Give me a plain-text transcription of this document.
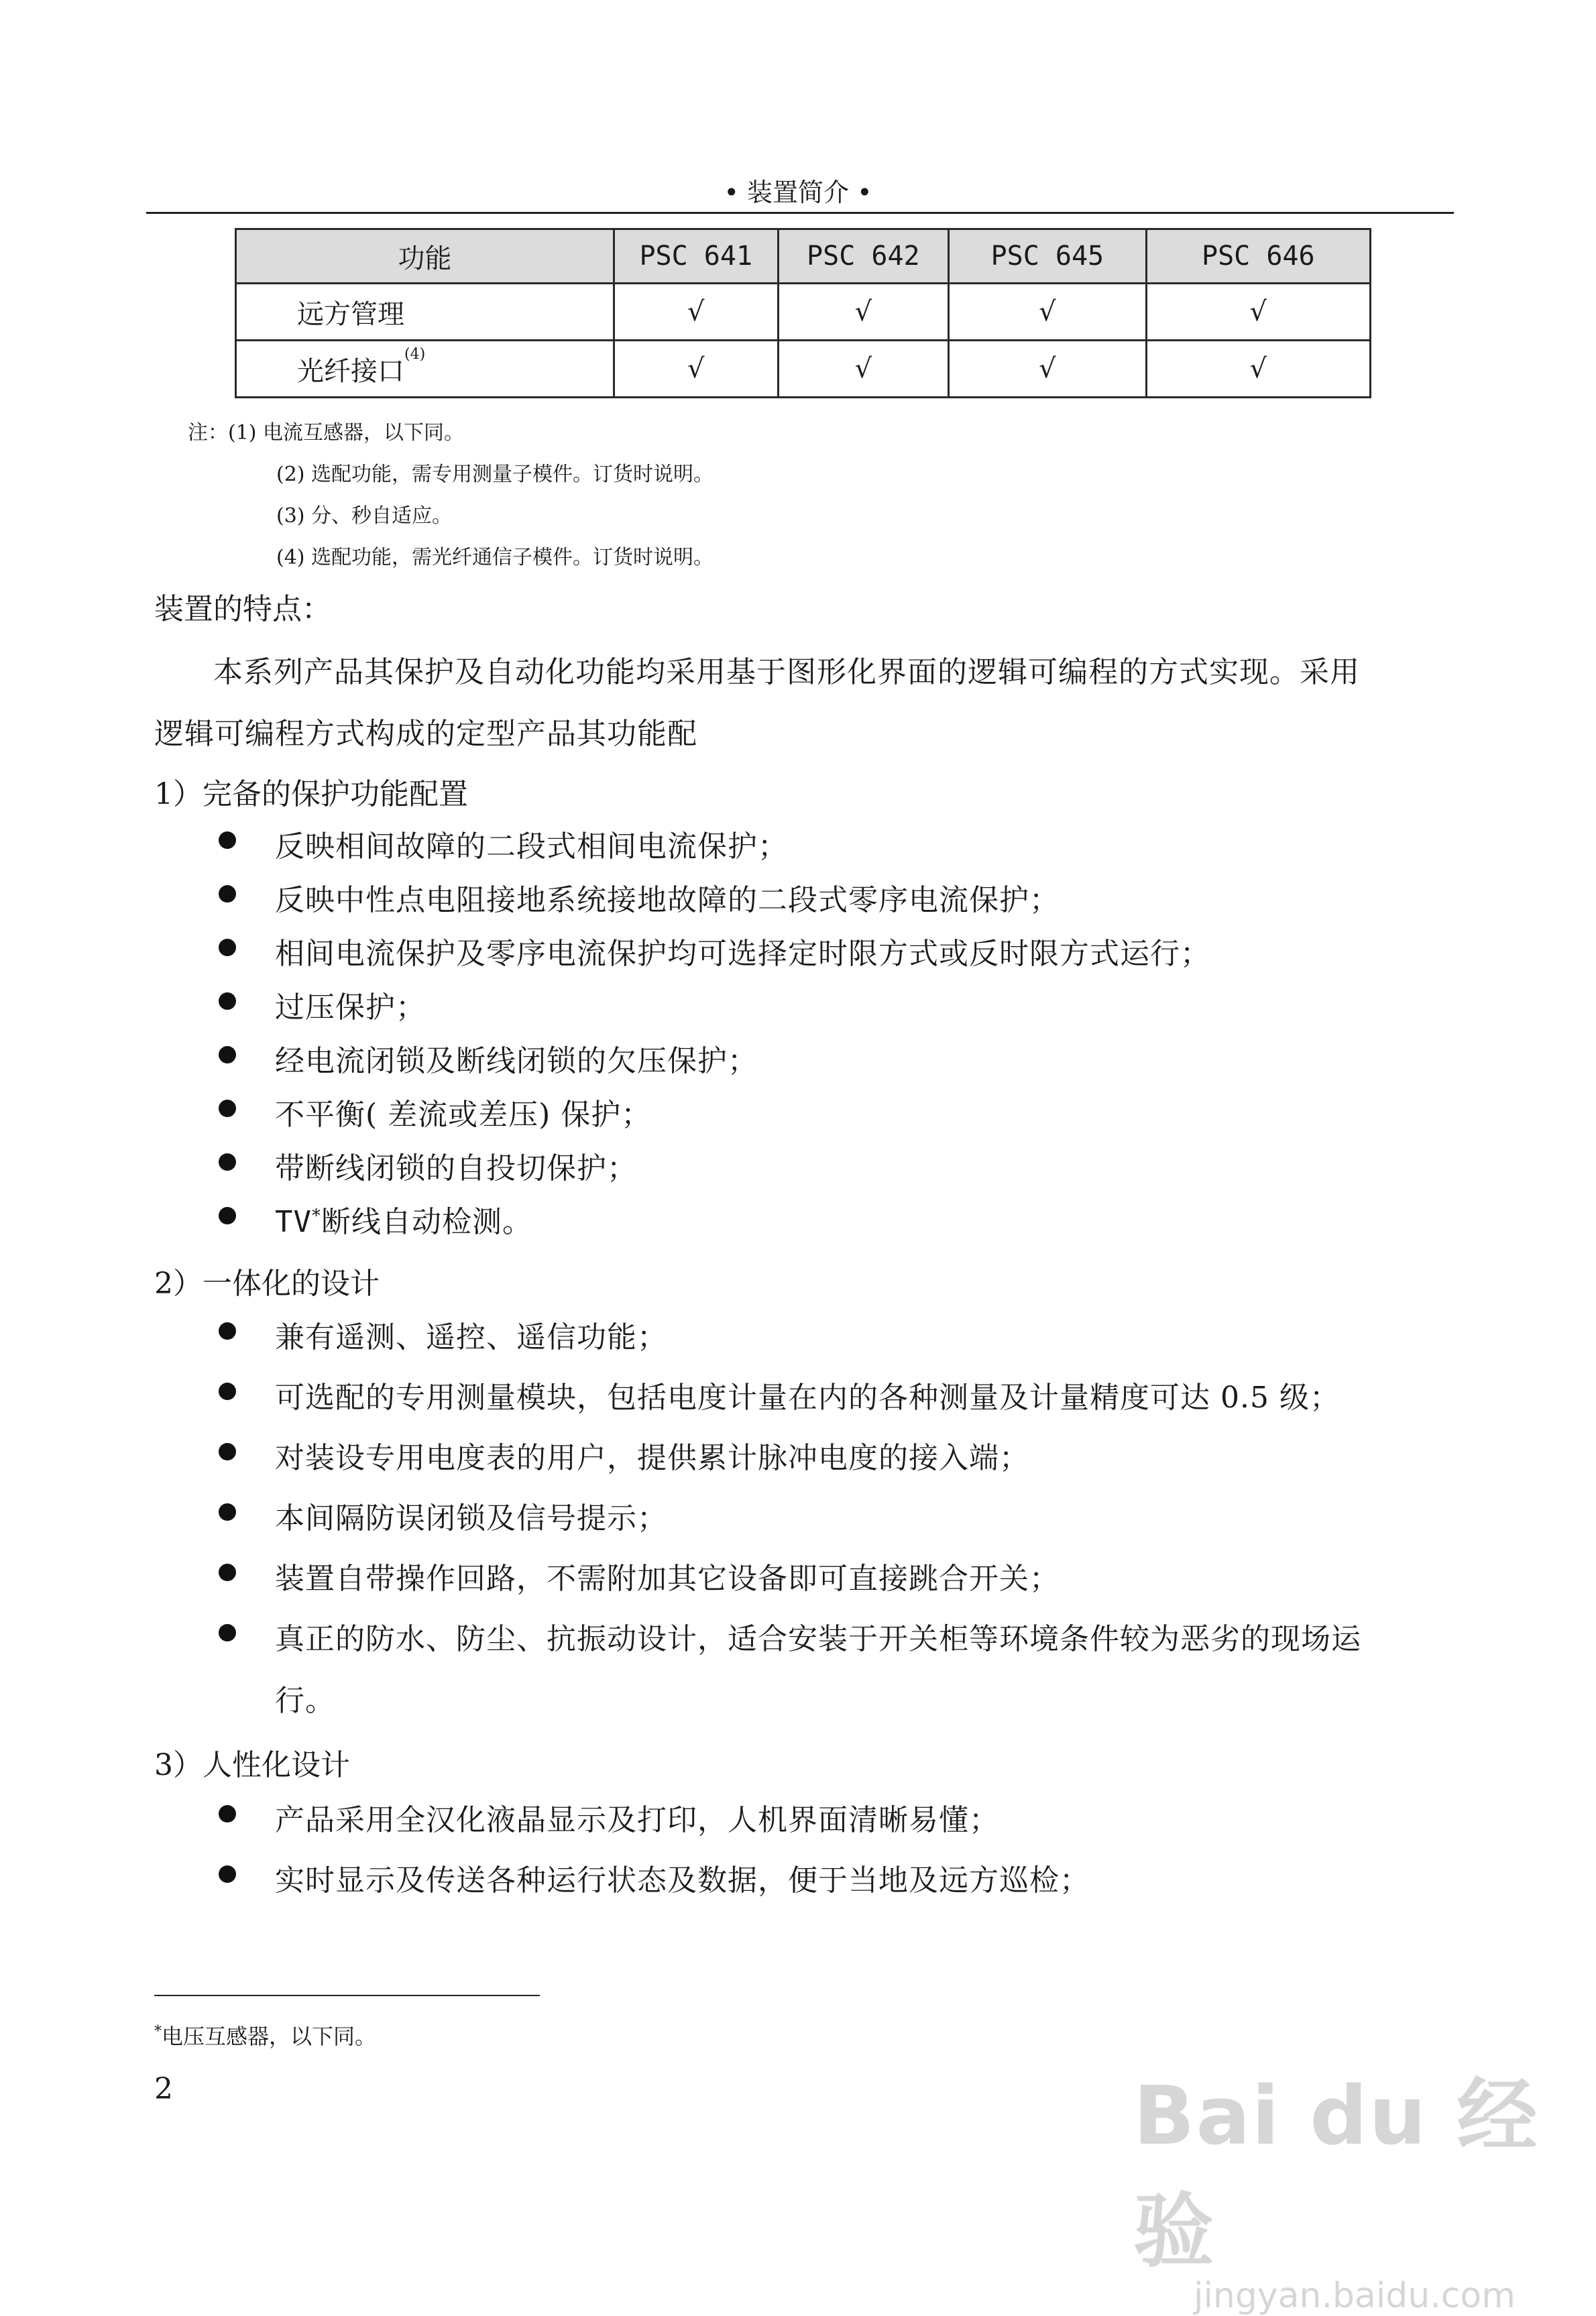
• 装置简介 •
功能	PSC 641	PSC 642	PSC 645	PSC 646
远方管理	√	√	√	√
光纤接口$^{(4)}$	√	√	√	√
注：(1) 电流互感器，以下同。
(2) 选配功能，需专用测量子模件。订货时说明。
(3) 分、秒自适应。
(4) 选配功能，需光纤通信子模件。订货时说明。
装置的特点：
本系列产品其保护及自动化功能均采用基于图形化界面的逻辑可编程的方式实现。采用
逻辑可编程方式构成的定型产品其功能配
1）完备的保护功能配置
反映相间故障的二段式相间电流保护；
反映中性点电阻接地系统接地故障的二段式零序电流保护；
相间电流保护及零序电流保护均可选择定时限方式或反时限方式运行；
过压保护；
经电流闭锁及断线闭锁的欠压保护；
不平衡( 差流或差压) 保护；
带断线闭锁的自投切保护；
TV*断线自动检测。
2）一体化的设计
兼有遥测、遥控、遥信功能；
可选配的专用测量模块，包括电度计量在内的各种测量及计量精度可达 0.5 级；
对装设专用电度表的用户，提供累计脉冲电度的接入端；
本间隔防误闭锁及信号提示；
装置自带操作回路，不需附加其它设备即可直接跳合开关；
真正的防水、防尘、抗振动设计，适合安装于开关柜等环境条件较为恶劣的现场运
行。
3）人性化设计
产品采用全汉化液晶显示及打印，人机界面清晰易懂；
实时显示及传送各种运行状态及数据，便于当地及远方巡检；
*电压互感器，以下同。
2	Bai du 经验
jingyan.baidu.com
